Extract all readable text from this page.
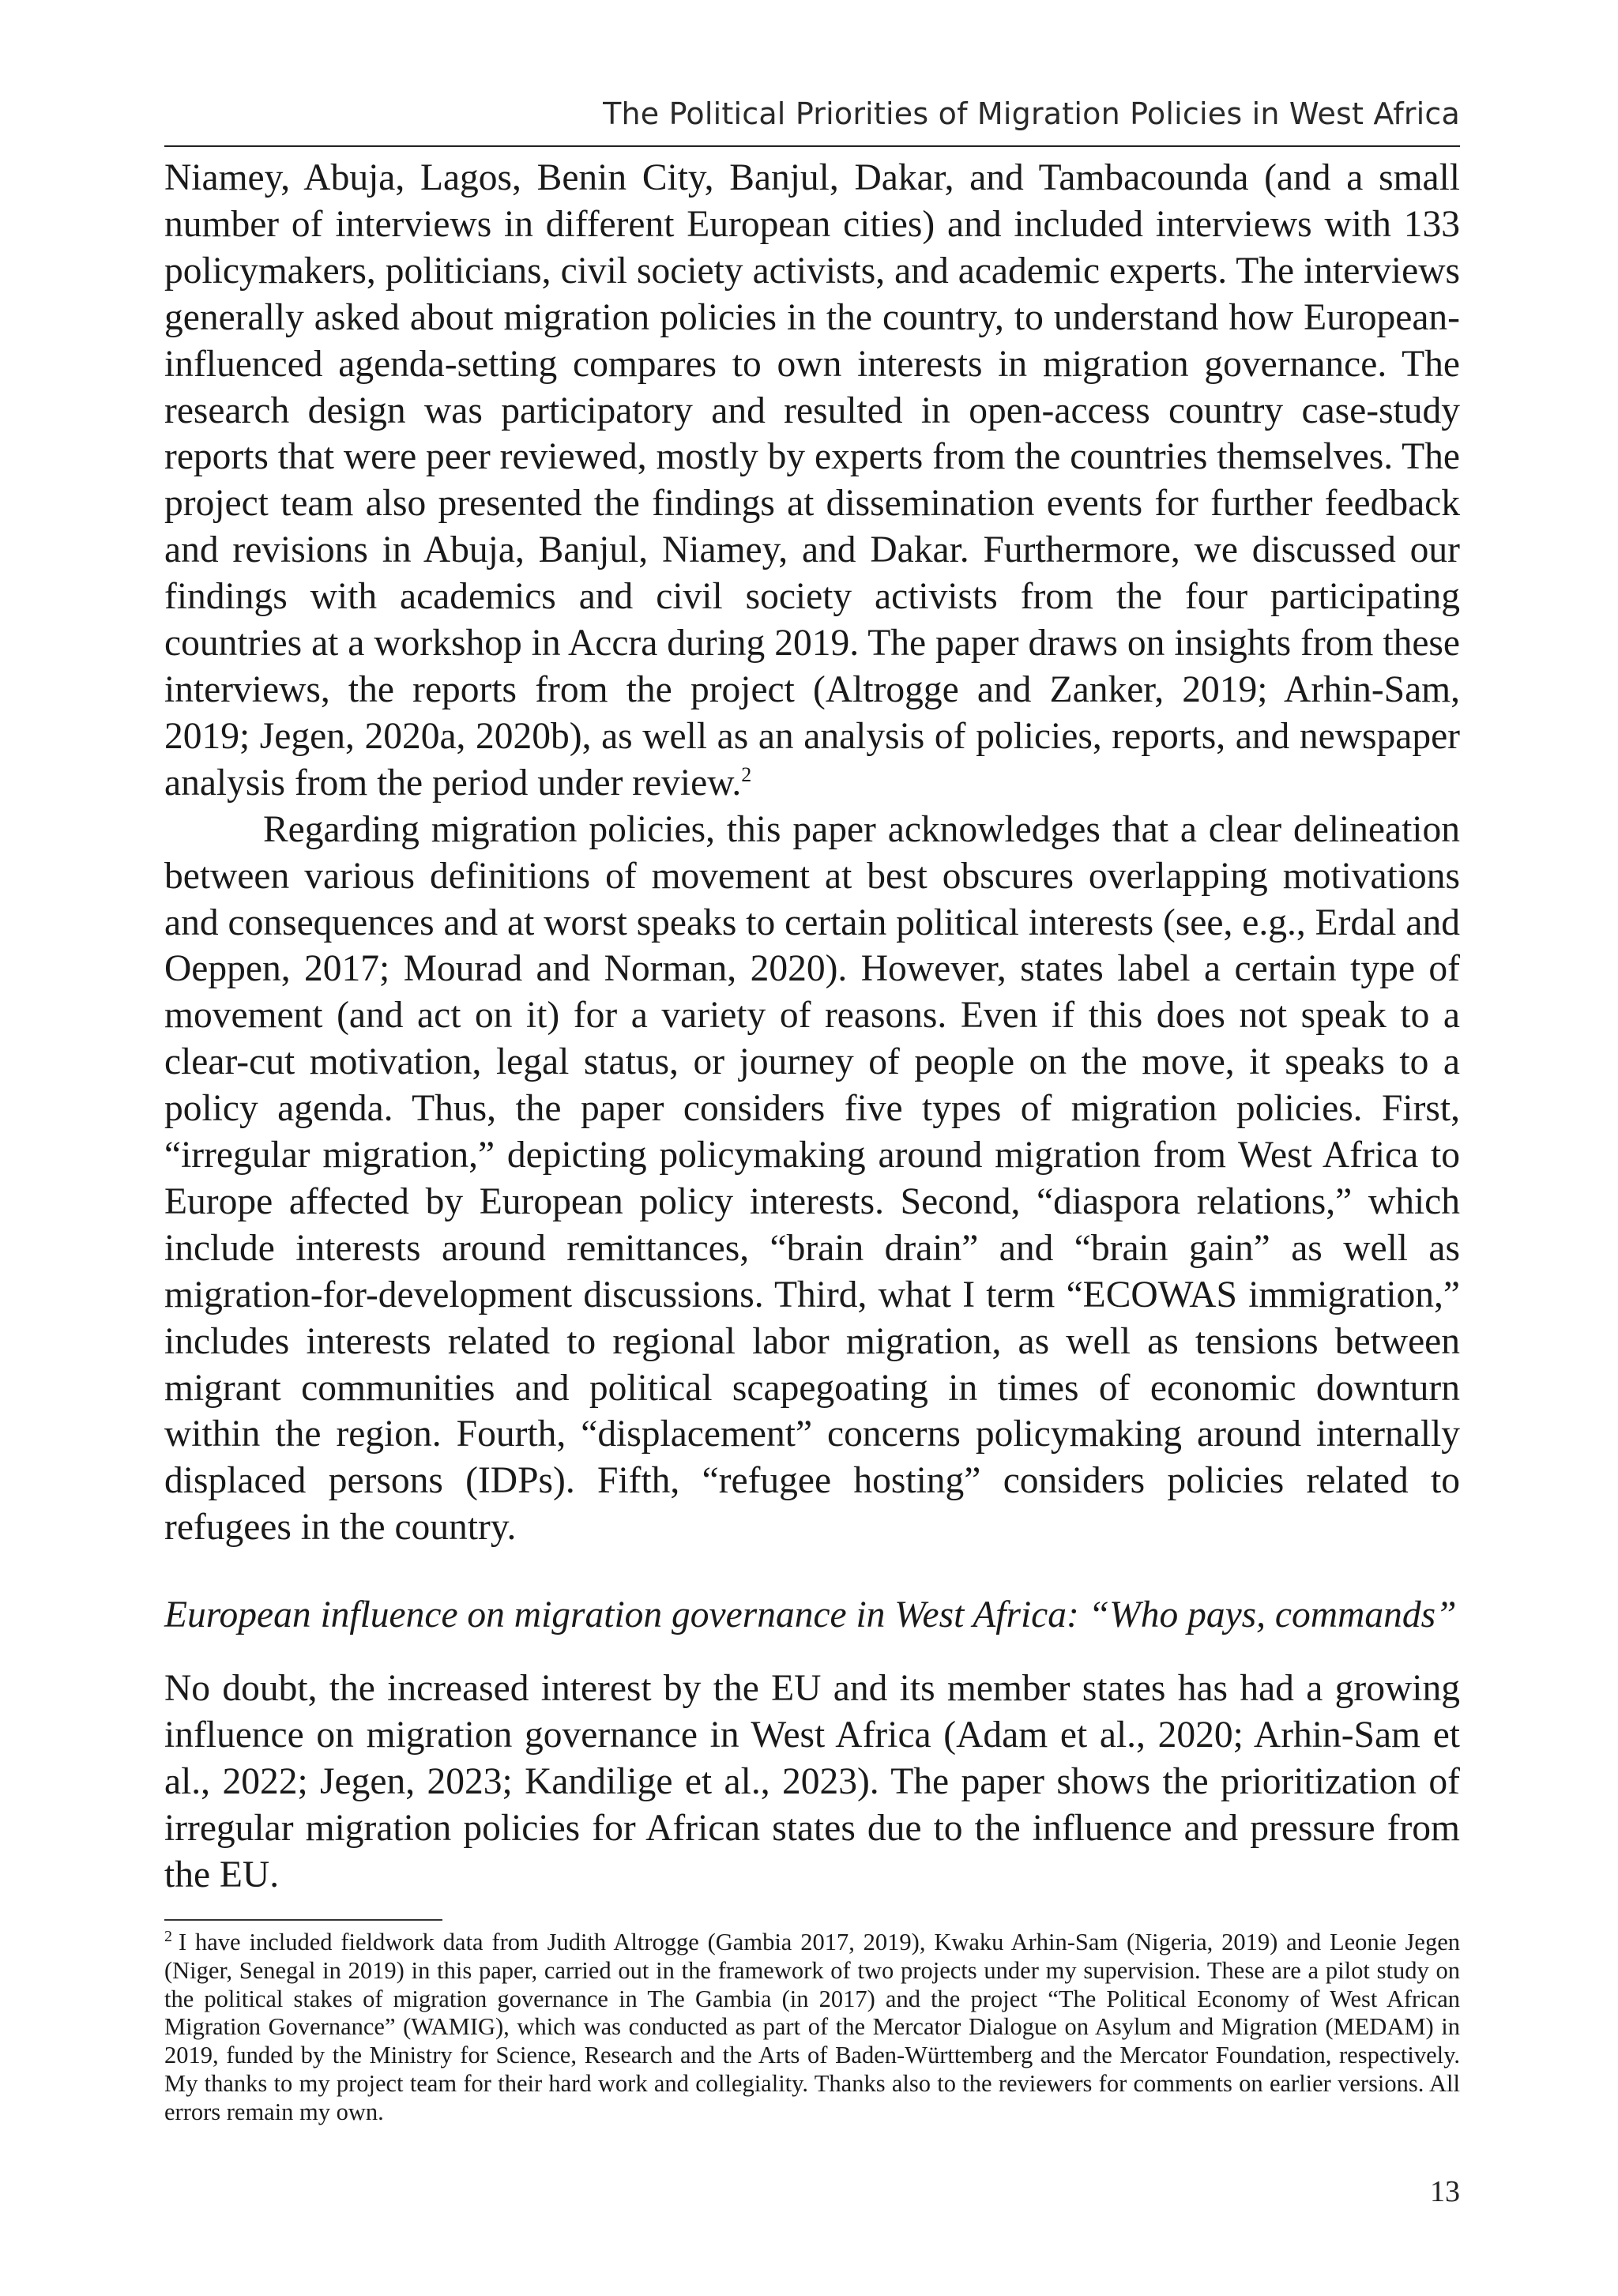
The Political Priorities of Migration Policies in West Africa

Niamey, Abuja, Lagos, Benin City, Banjul, Dakar, and Tambacounda (and a small number of interviews in different European cities) and included interviews with 133 policymakers, politicians, civil society activists, and academic experts. The interviews generally asked about migration policies in the country, to understand how European-influenced agenda-setting compares to own interests in migration governance. The research design was participatory and resulted in open-access country case-study reports that were peer reviewed, mostly by experts from the countries themselves. The project team also presented the findings at dissemination events for further feedback and revisions in Abuja, Banjul, Niamey, and Dakar. Furthermore, we discussed our findings with academics and civil society activists from the four participating countries at a workshop in Accra during 2019. The paper draws on insights from these interviews, the reports from the project (Altrogge and Zanker, 2019; Arhin-Sam, 2019; Jegen, 2020a, 2020b), as well as an analysis of policies, reports, and newspaper analysis from the period under review.$^2$

Regarding migration policies, this paper acknowledges that a clear delineation between various definitions of movement at best obscures overlapping motivations and consequences and at worst speaks to certain political interests (see, e.g., Erdal and Oeppen, 2017; Mourad and Norman, 2020). However, states label a certain type of movement (and act on it) for a variety of reasons. Even if this does not speak to a clear-cut motivation, legal status, or journey of people on the move, it speaks to a policy agenda. Thus, the paper considers five types of migration policies. First, “irregular migration,” depicting policymaking around migration from West Africa to Europe affected by European policy interests. Second, “diaspora relations,” which include interests around remittances, “brain drain” and “brain gain” as well as migration-for-development discussions. Third, what I term “ECOWAS immigration,” includes interests related to regional labor migration, as well as tensions between migrant communities and political scapegoating in times of economic downturn within the region. Fourth, “displacement” concerns policymaking around internally displaced persons (IDPs). Fifth, “refugee hosting” considers policies related to refugees in the country.

European influence on migration governance in West Africa: “Who pays, commands”

No doubt, the increased interest by the EU and its member states has had a growing influence on migration governance in West Africa (Adam et al., 2020; Arhin-Sam et al., 2022; Jegen, 2023; Kandilige et al., 2023). The paper shows the prioritization of irregular migration policies for African states due to the influence and pressure from the EU.

$^2$ I have included fieldwork data from Judith Altrogge (Gambia 2017, 2019), Kwaku Arhin-Sam (Nigeria, 2019) and Leonie Jegen (Niger, Senegal in 2019) in this paper, carried out in the framework of two projects under my supervision. These are a pilot study on the political stakes of migration governance in The Gambia (in 2017) and the project “The Political Economy of West African Migration Governance” (WAMIG), which was conducted as part of the Mercator Dialogue on Asylum and Migration (MEDAM) in 2019, funded by the Ministry for Science, Research and the Arts of Baden-Württemberg and the Mercator Foundation, respectively. My thanks to my project team for their hard work and collegiality. Thanks also to the reviewers for comments on earlier versions. All errors remain my own.

13
